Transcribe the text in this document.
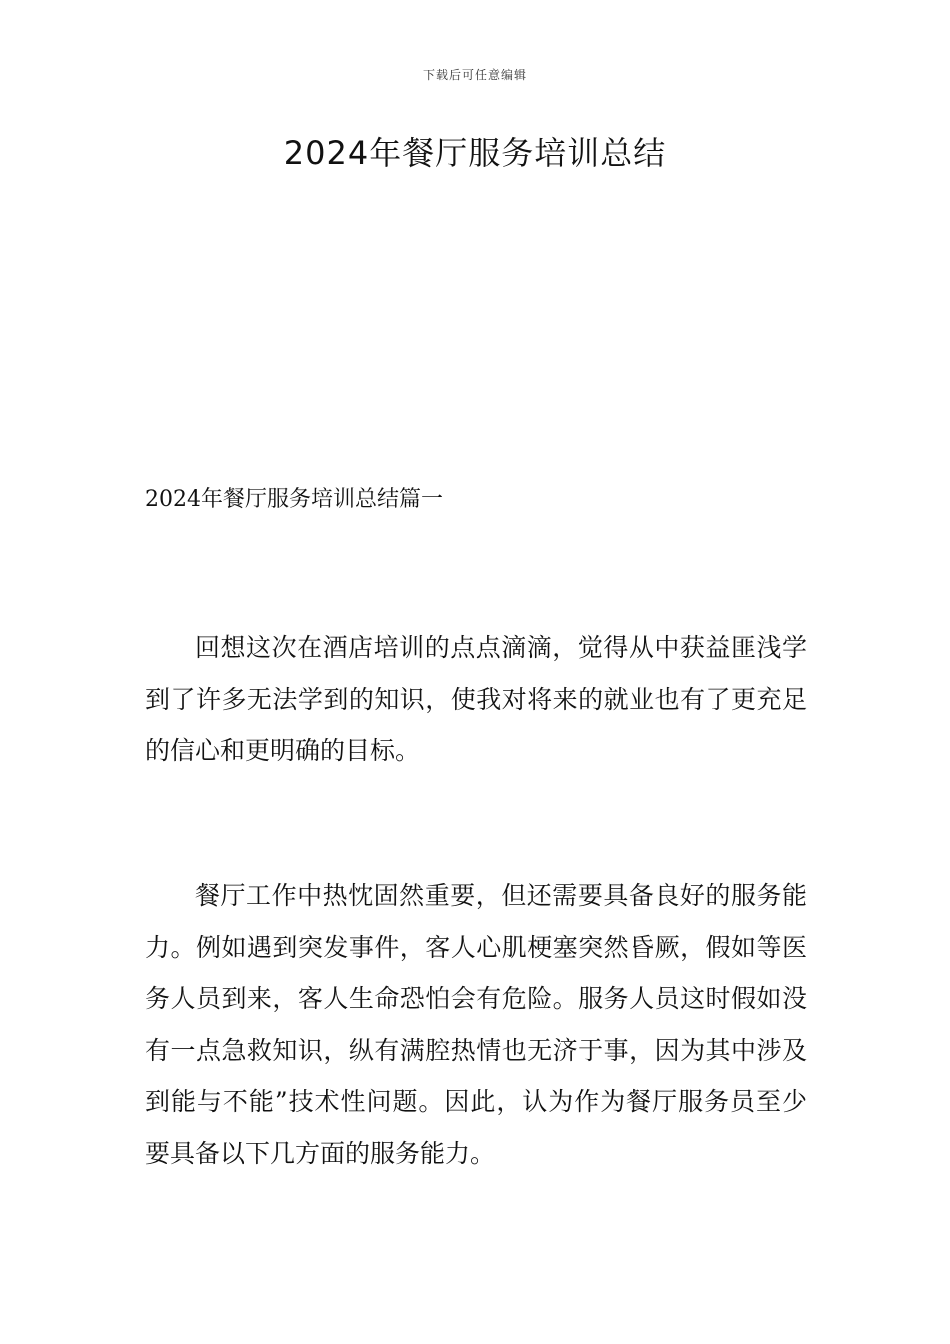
下载后可任意编辑
2024年餐厅服务培训总结
2024年餐厅服务培训总结篇一

回想这次在酒店培训的点点滴滴，觉得从中获益匪浅学到了许多无法学到的知识，使我对将来的就业也有了更充足的信心和更明确的目标。

餐厅工作中热忱固然重要，但还需要具备良好的服务能力。例如遇到突发事件，客人心肌梗塞突然昏厥，假如等医务人员到来，客人生命恐怕会有危险。服务人员这时假如没有一点急救知识，纵有满腔热情也无济于事，因为其中涉及到能与不能”技术性问题。因此，认为作为餐厅服务员至少要具备以下几方面的服务能力。
